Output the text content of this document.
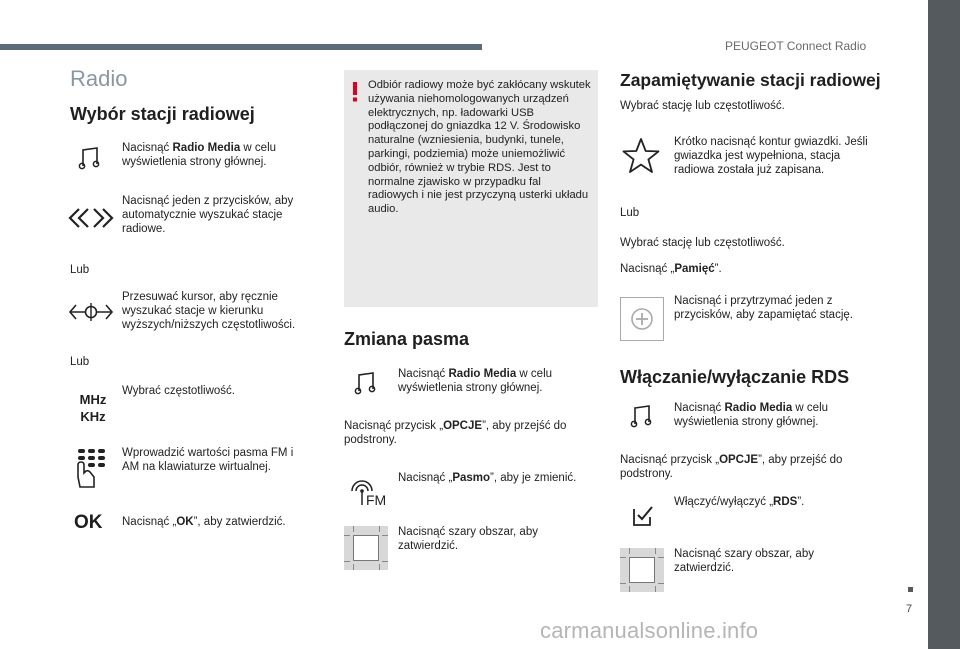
PEUGEOT Connect Radio
7
carmanualsonline.info
Radio
Wybór stacji radiowej
Nacisnąć Radio Media w celu wyświetlenia strony głównej.
Nacisnąć jeden z przycisków, aby automatycznie wyszukać stacje radiowe.
Lub
Przesuwać kursor, aby ręcznie wyszukać stacje w kierunku wyższych/niższych częstotliwości.
Lub
MHz
KHz
Wybrać częstotliwość.
Wprowadzić wartości pasma FM i AM na klawiaturze wirtualnej.
OK Nacisnąć „OK”, aby zatwierdzić.
Odbiór radiowy może być zakłócany wskutek używania niehomologowanych urządzeń elektrycznych, np. ładowarki USB podłączonej do gniazdka 12 V. Środowisko naturalne (wzniesienia, budynki, tunele, parkingi, podziemia) może uniemożliwić odbiór, również w trybie RDS. Jest to normalne zjawisko w przypadku fal radiowych i nie jest przyczyną usterki układu audio.
Zmiana pasma
Nacisnąć Radio Media w celu wyświetlenia strony głównej.
Nacisnąć przycisk „OPCJE”, aby przejść do podstrony.
FM
Nacisnąć „Pasmo”, aby je zmienić.
Nacisnąć szary obszar, aby zatwierdzić.
Zapamiętywanie stacji radiowej
Wybrać stację lub częstotliwość.
Krótko nacisnąć kontur gwiazdki. Jeśli gwiazdka jest wypełniona, stacja radiowa została już zapisana.
Lub
Wybrać stację lub częstotliwość.
Nacisnąć „Pamięć”.
Nacisnąć i przytrzymać jeden z przycisków, aby zapamiętać stację.
Włączanie/wyłączanie RDS
Nacisnąć Radio Media w celu wyświetlenia strony głównej.
Nacisnąć przycisk „OPCJE”, aby przejść do podstrony.
Włączyć/wyłączyć „RDS”.
Nacisnąć szary obszar, aby zatwierdzić.
